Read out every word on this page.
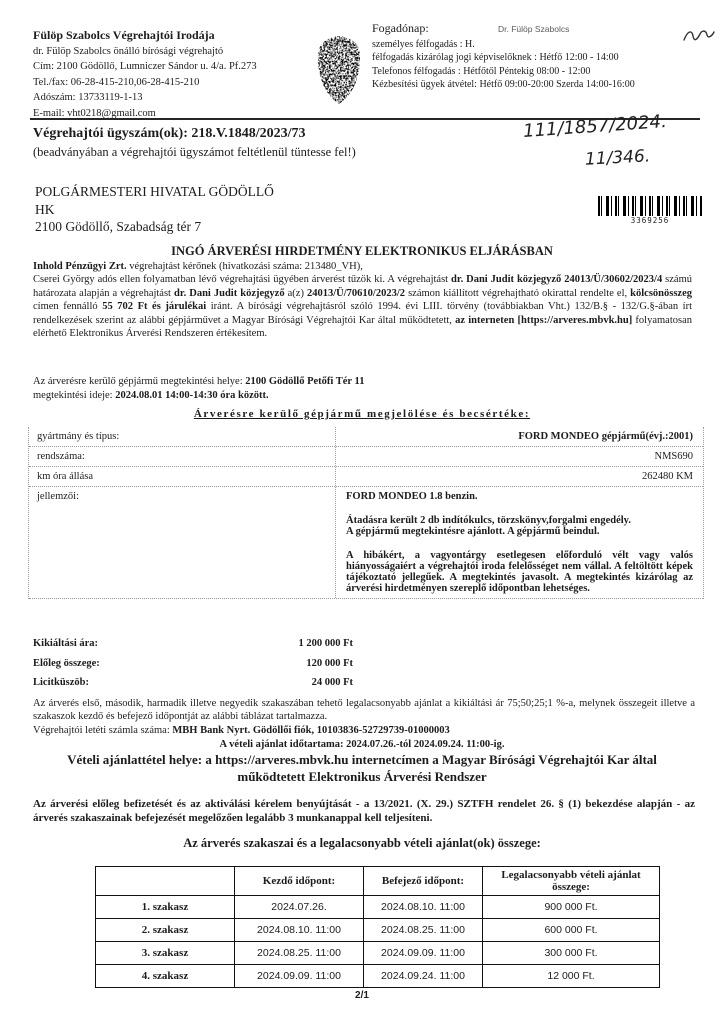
Fülöp Szabolcs Végrehajtói Irodája
dr. Fülöp Szabolcs önálló bírósági végrehajtó
Cím: 2100 Gödöllő, Lumniczer Sándor u. 4/a. Pf.273
Tel./fax: 06-28-415-210,06-28-415-210
Adószám: 13733119-1-13
E-mail: vht0218@gmail.com
Fogadónap:
személyes félfogadás : H.
félfogadás kizárólag jogi képviselőknek : Hétfő 12:00 - 14:00
Telefonos félfogadás : Hétfőtől Péntekig 08:00 - 12:00
Kézbesítési ügyek átvétel: Hétfő 09:00-20:00 Szerda 14:00-16:00
Dr. Fülöp Szabolcs
Végrehajtói ügyszám(ok): 218.V.1848/2023/73
(beadványában a végrehajtói ügyszámot feltétlenül tüntesse fel!)
111/1857/2024.
11/346.
3369256
POLGÁRMESTERI HIVATAL GÖDÖLLŐ
HK
2100 Gödöllő, Szabadság tér 7
INGÓ ÁRVERÉSI HIRDETMÉNY ELEKTRONIKUS ELJÁRÁSBAN
Inhold Pénzügyi Zrt. végrehajtást kérőnek (hivatkozási száma: 213480_VH),
Cserei György adós ellen folyamatban lévő végrehajtási ügyében árverést tűzök ki. A végrehajtást dr. Dani Judit közjegyző 24013/Ü/30602/2023/4 számú határozata alapján a végrehajtást dr. Dani Judit közjegyző a(z) 24013/Ü/70610/2023/2 számon kiállított végrehajtható okirattal rendelte el, kölcsönösszeg címen fennálló 55 702 Ft és járulékai iránt. A bírósági végrehajtásról szóló 1994. évi LIII. törvény (továbbiakban Vht.) 132/B.§ - 132/G.§-ában írt rendelkezések szerint az alábbi gépjárművet a Magyar Bírósági Végrehajtói Kar által működtetett, az interneten [https://arveres.mbvk.hu] folyamatosan elérhető Elektronikus Árverési Rendszeren értékesítem.
Az árverésre kerülő gépjármű megtekintési helye: 2100 Gödöllő Petőfi Tér 11
megtekintési ideje: 2024.08.01 14:00-14:30 óra között.
Árverésre kerülő gépjármű megjelölése és becsértéke:
gyártmány és típus:	FORD MONDEO gépjármű(évj.:2001)
rendszáma:	NMS690
km óra állása	262480 KM
jellemzői:	FORD MONDEO 1.8 benzin.

Átadásra került 2 db indítókulcs, törzskönyv,forgalmi engedély.

A gépjármű megtekintésre ajánlott. A gépjármű beindul.

A hibákért, a vagyontárgy esetlegesen előforduló vélt vagy valós hiányosságaiért a végrehajtói iroda felelősséget nem vállal. A feltöltött képek tájékoztató jellegűek. A megtekintés javasolt. A megtekintés kizárólag az árverési hirdetményen szereplő időpontban lehetséges.

Kikiáltási ára:	1 200 000 Ft
Előleg összege:	120 000 Ft
Licitküszöb:	24 000 Ft
Az árverés első, második, harmadik illetve negyedik szakaszában tehető legalacsonyabb ajánlat a kikiáltási ár 75;50;25;1 %-a, melynek összegeit illetve a szakaszok kezdő és befejező időpontját az alábbi táblázat tartalmazza.
Végrehajtói letéti számla száma: MBH Bank Nyrt. Gödöllői fiók, 10103836-52729739-01000003
A vételi ajánlat időtartama: 2024.07.26.-tól 2024.09.24. 11:00-ig.
Vételi ajánlattétel helye: a https://arveres.mbvk.hu internetcímen a Magyar Bírósági Végrehajtói Kar által működtetett Elektronikus Árverési Rendszer
Az árverési előleg befizetését és az aktiválási kérelem benyújtását - a 13/2021. (X. 29.) SZTFH rendelet 26. § (1) bekezdése alapján - az árverés szakaszainak befejezését megelőzően legalább 3 munkanappal kell teljesíteni.
Az árverés szakaszai és a legalacsonyabb vételi ajánlat(ok) összege:
	Kezdő időpont:	Befejező időpont:	Legalacsonyabb vételi ajánlat összege:
1. szakasz	2024.07.26.	2024.08.10. 11:00	900 000 Ft.
2. szakasz	2024.08.10. 11:00	2024.08.25. 11:00	600 000 Ft.
3. szakasz	2024.08.25. 11:00	2024.09.09. 11:00	300 000 Ft.
4. szakasz	2024.09.09. 11:00	2024.09.24. 11:00	12 000 Ft.
2/1
